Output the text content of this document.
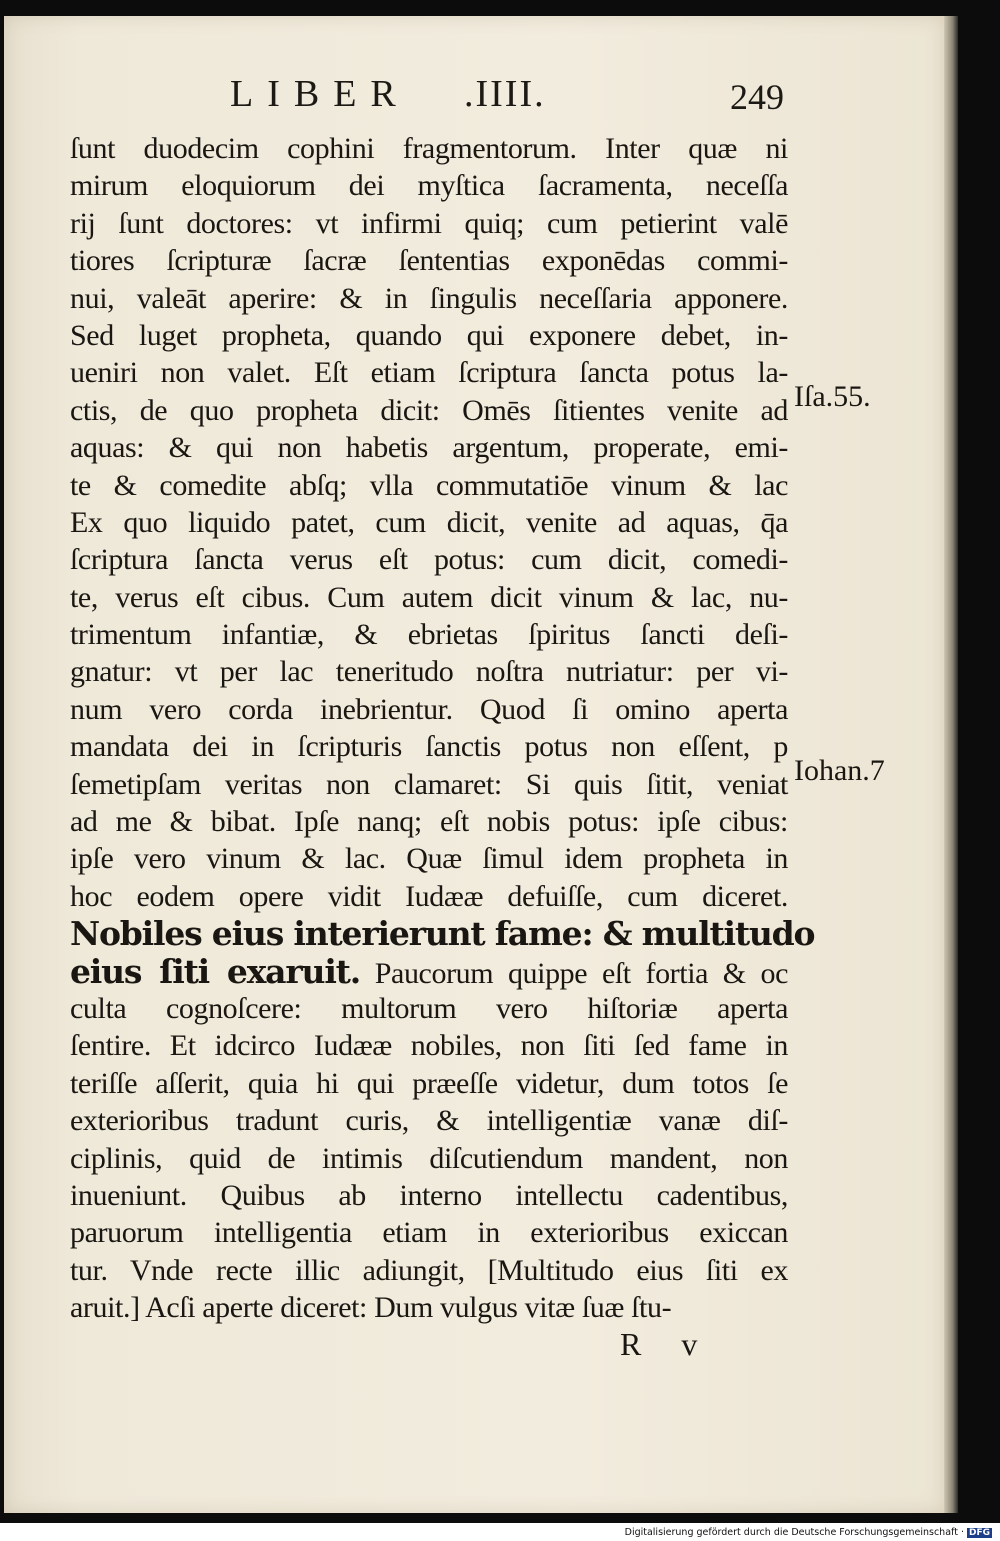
LIBER .IIII.	249
ſunt duodecim cophini fragmentorum. Inter quæ ni
mirum eloquiorum dei myſtica ſacramenta, neceſſa
rij ſunt doctores: vt infirmi quiq; cum petierint valē
tiores ſcripturæ ſacræ ſententias exponēdas commi-
nui, valeāt aperire: & in ſingulis neceſſaria apponere.
Sed luget propheta, quando qui exponere debet, in-
ueniri non valet. Eſt etiam ſcriptura ſancta potus la-
ctis, de quo propheta dicit: Omēs ſitientes venite ad
aquas: & qui non habetis argentum, properate, emi-
te & comedite abſq; vlla commutatiōe vinum & lac
Ex quo liquido patet, cum dicit, venite ad aquas, q̄a
ſcriptura ſancta verus eſt potus: cum dicit, comedi-
te, verus eſt cibus. Cum autem dicit vinum & lac, nu-
trimentum infantiæ, & ebrietas ſpiritus ſancti deſi-
gnatur: vt per lac teneritudo noſtra nutriatur: per vi-
num vero corda inebrientur. Quod ſi omino aperta
mandata dei in ſcripturis ſanctis potus non eſſent, p
ſemetipſam veritas non clamaret: Si quis ſitit, veniat
ad me & bibat. Ipſe nanq; eſt nobis potus: ipſe cibus:
ipſe vero vinum & lac. Quæ ſimul idem propheta in
hoc eodem opere vidit Iudææ defuiſſe, cum diceret.
Nobiles eius interierunt fame: & multitudo
eius ſiti exaruit. Paucorum quippe eſt fortia & oc
culta cognoſcere: multorum vero hiſtoriæ aperta
ſentire. Et idcirco Iudææ nobiles, non ſiti ſed fame in
teriſſe aſſerit, quia hi qui præeſſe videtur, dum totos ſe
exterioribus tradunt curis, & intelligentiæ vanæ diſ-
ciplinis, quid de intimis diſcutiendum mandent, non
inueniunt. Quibus ab interno intellectu cadentibus,
paruorum intelligentia etiam in exterioribus exiccan
tur. Vnde recte illic adiungit, [Multitudo eius ſiti ex
aruit.] Acſi aperte diceret: Dum vulgus vitæ ſuæ ſtu-
Iſa.55.
Iohan.7
R v
Digitalisierung gefördert durch die Deutsche Forschungsgemeinschaft · DFG
